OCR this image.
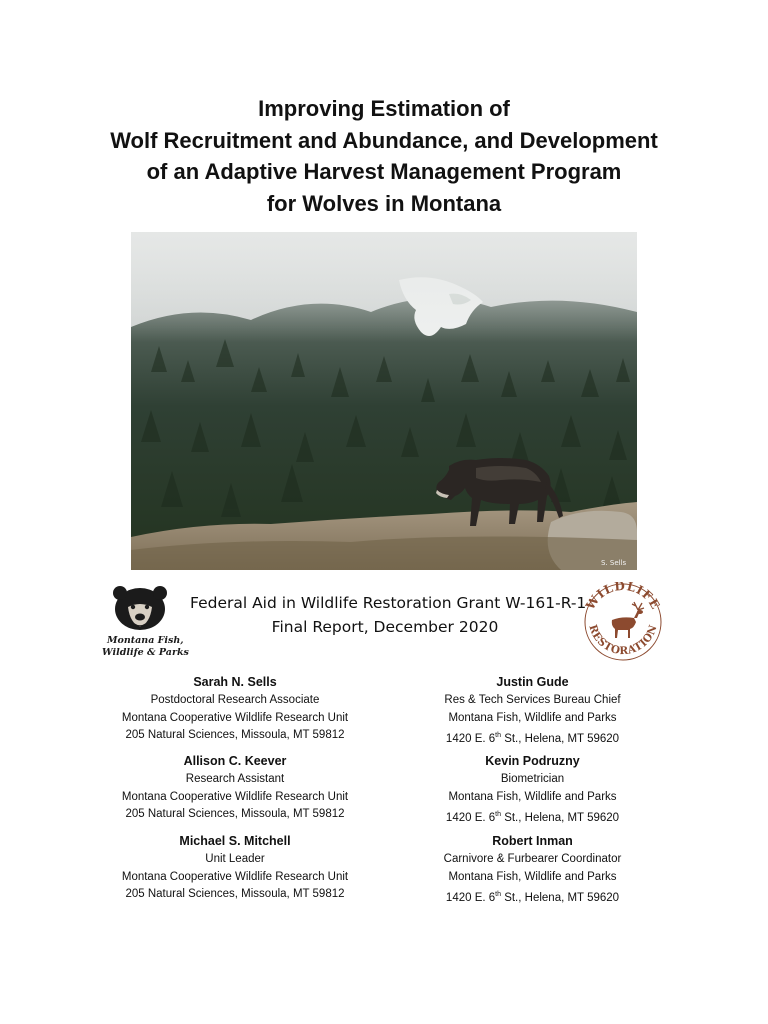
Improving Estimation of
Wolf Recruitment and Abundance, and Development
of an Adaptive Harvest Management Program
for Wolves in Montana
S. Sells
Montana Fish,
Wildlife & Parks
WILDLIFE
RESTORATION
Federal Aid in Wildlife Restoration Grant W-161-R-1
Final Report, December 2020
Sarah N. Sells
Postdoctoral Research Associate
Montana Cooperative Wildlife Research Unit
205 Natural Sciences, Missoula, MT 59812
Allison C. Keever
Research Assistant
Montana Cooperative Wildlife Research Unit
205 Natural Sciences, Missoula, MT 59812
Michael S. Mitchell
Unit Leader
Montana Cooperative Wildlife Research Unit
205 Natural Sciences, Missoula, MT 59812
Justin Gude
Res & Tech Services Bureau Chief
Montana Fish, Wildlife and Parks
1420 E. 6th St., Helena, MT 59620
Kevin Podruzny
Biometrician
Montana Fish, Wildlife and Parks
1420 E. 6th St., Helena, MT 59620
Robert Inman
Carnivore & Furbearer Coordinator
Montana Fish, Wildlife and Parks
1420 E. 6th St., Helena, MT 59620
